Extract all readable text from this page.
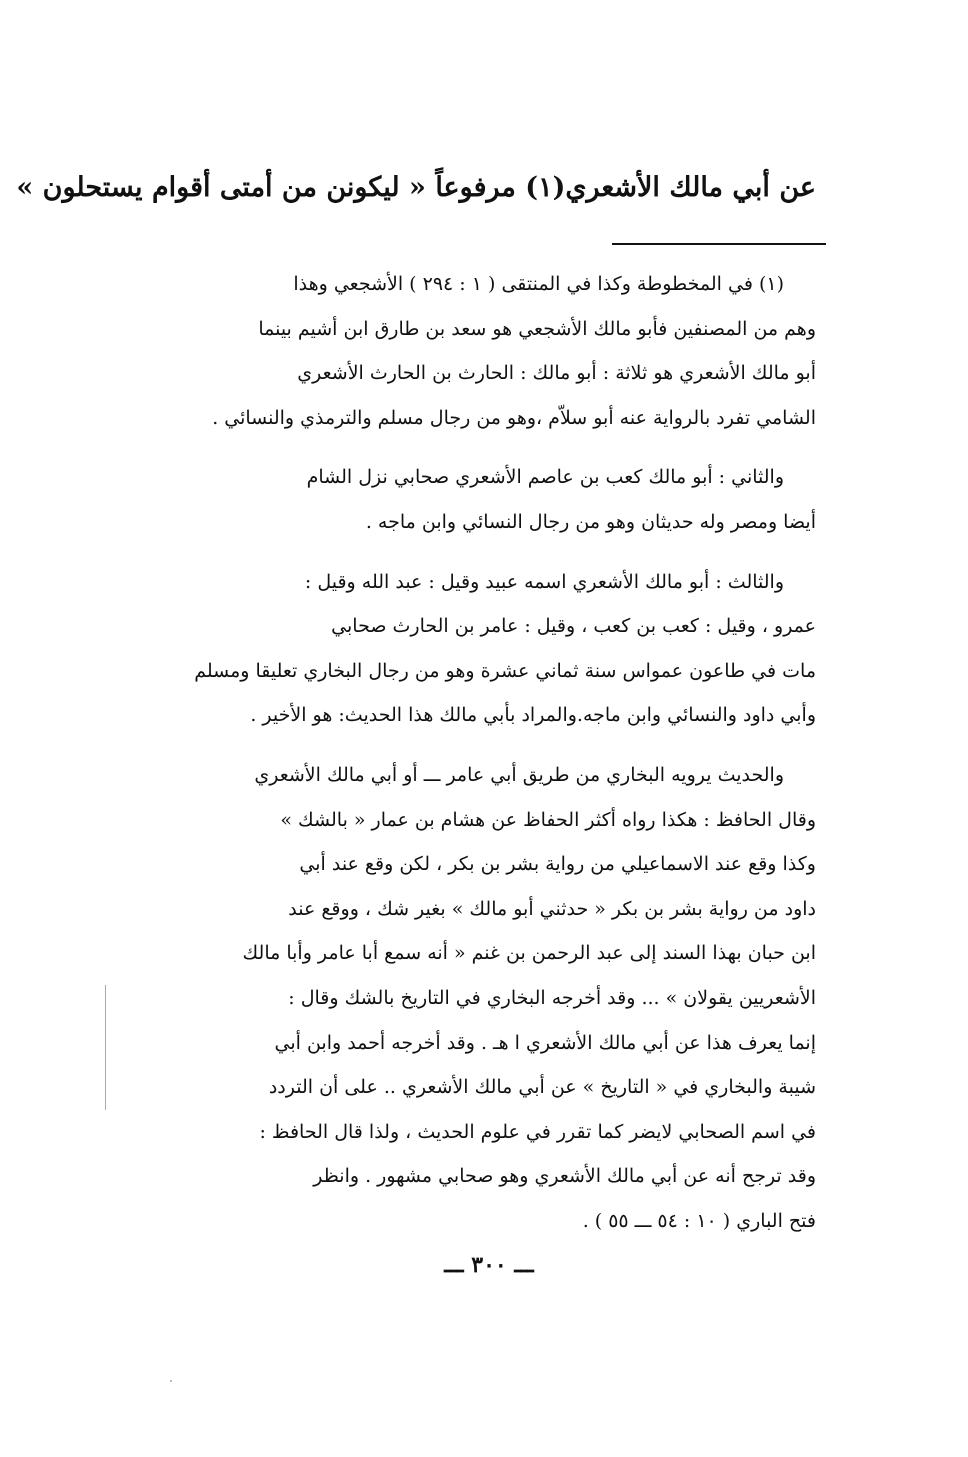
عن أبي مالك الأشعري(١) مرفوعاً « ليكونن من أمتى أقوام يستحلون »
(١) في المخطوطة وكذا في المنتقى ( ١ : ٢٩٤ ) الأشجعي وهذا
وهم من المصنفين فأبو مالك الأشجعي هو سعد بن طارق ابن أشيم بينما
أبو مالك الأشعري هو ثلاثة : أبو مالك : الحارث بن الحارث الأشعري
الشامي تفرد بالرواية عنه أبو سلاّم ،وهو من رجال مسلم والترمذي والنسائي .
والثاني : أبو مالك كعب بن عاصم الأشعري صحابي نزل الشام
أيضا ومصر وله حديثان وهو من رجال النسائي وابن ماجه .
والثالث : أبو مالك الأشعري اسمه عبيد وقيل : عبد الله وقيل :
عمرو ، وقيل : كعب بن كعب ، وقيل : عامر بن الحارث صحابي
مات في طاعون عمواس سنة ثماني عشرة وهو من رجال البخاري تعليقا ومسلم
وأبي داود والنسائي وابن ماجه.والمراد بأبي مالك هذا الحديث: هو الأخير .
والحديث يرويه البخاري من طريق أبي عامر ـــ أو أبي مالك الأشعري
وقال الحافظ : هكذا رواه أكثر الحفاظ عن هشام بن عمار « بالشك »
وكذا وقع عند الاسماعيلي من رواية بشر بن بكر ، لكن وقع عند أبي
داود من رواية بشر بن بكر « حدثني أبو مالك » بغير شك ، ووقع عند
ابن حبان بهذا السند إلى عبد الرحمن بن غنم « أنه سمع أبا عامر وأبا مالك
الأشعريين يقولان » ... وقد أخرجه البخاري في التاريخ بالشك وقال :
إنما يعرف هذا عن أبي مالك الأشعري ا هـ . وقد أخرجه أحمد وابن أبي
شيبة والبخاري في « التاريخ » عن أبي مالك الأشعري .. على أن التردد
في اسم الصحابي لايضر كما تقرر في علوم الحديث ، ولذا قال الحافظ :
وقد ترجح أنه عن أبي مالك الأشعري وهو صحابي مشهور . وانظر
فتح الباري ( ١٠ : ٥٤ ـــ ٥٥ ) .
ـــ ٣٠٠ ـــ
